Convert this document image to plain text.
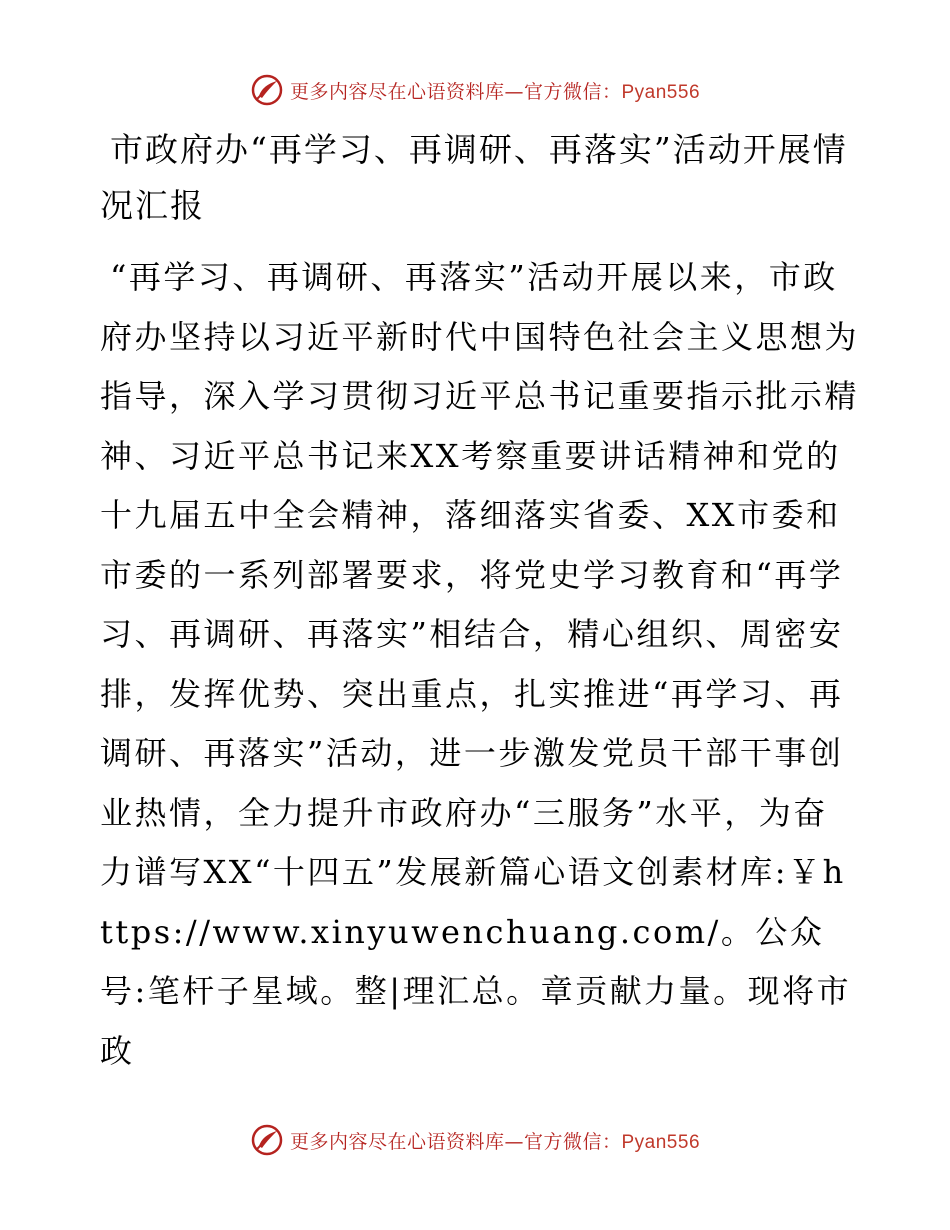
更多内容尽在心语资料库—官方微信：Pyan556
市政府办“再学习、再调研、再落实”活动开展情况汇报

“再学习、再调研、再落实”活动开展以来，市政府办坚持以习近平新时代中国特色社会主义思想为指导，深入学习贯彻习近平总书记重要指示批示精神、习近平总书记来XX考察重要讲话精神和党的十九届五中全会精神，落细落实省委、XX市委和市委的一系列部署要求，将党史学习教育和“再学习、再调研、再落实”相结合，精心组织、周密安排，发挥优势、突出重点，扎实推进“再学习、再调研、再落实”活动，进一步激发党员干部干事创业热情，全力提升市政府办“三服务”水平，为奋力谱写XX“十四五”发展新篇心语文创素材库:￥https://www.xinyuwenchuang.com/。公众号:笔杆子星域。整|理汇总。章贡献力量。现将市政

更多内容尽在心语资料库—官方微信：Pyan556
